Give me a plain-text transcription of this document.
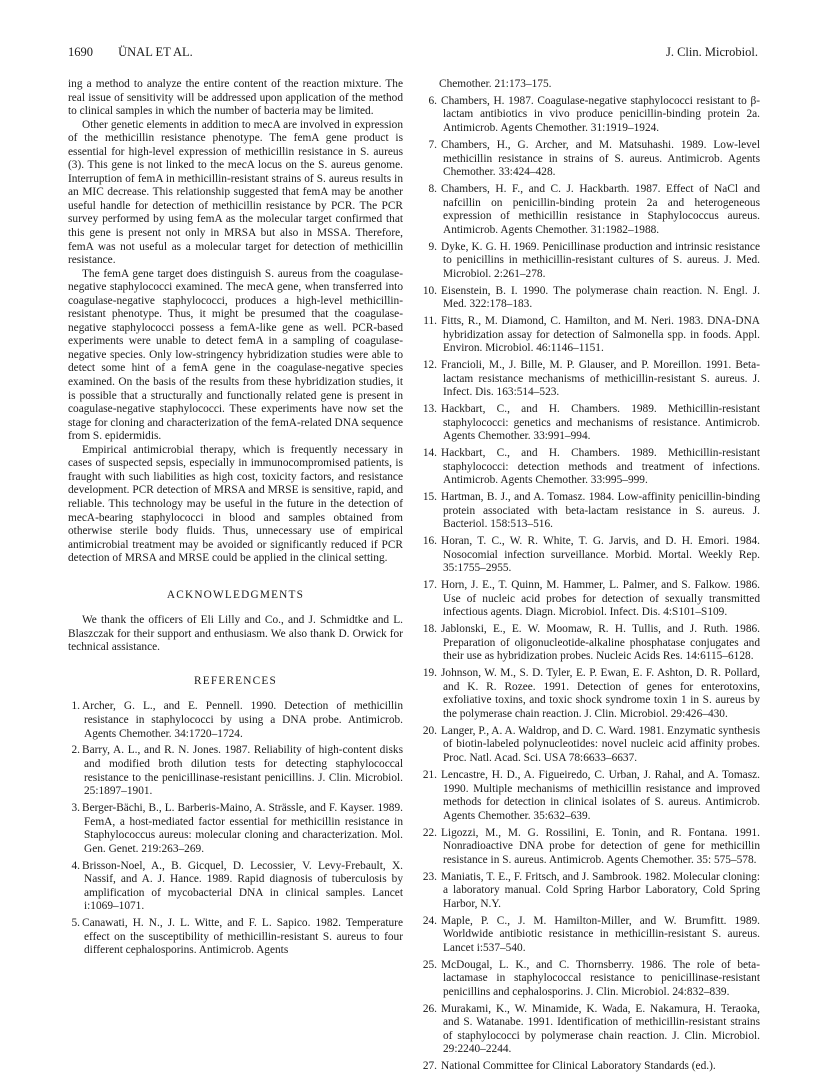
1690 ÜNAL ET AL.	J. Clin. Microbiol.

ing a method to analyze the entire content of the reaction mixture. The real issue of sensitivity will be addressed upon application of the method to clinical samples in which the number of bacteria may be limited.

Other genetic elements in addition to mecA are involved in expression of the methicillin resistance phenotype. The femA gene product is essential for high-level expression of methicillin resistance in S. aureus (3). This gene is not linked to the mecA locus on the S. aureus genome. Interruption of femA in methicillin-resistant strains of S. aureus results in an MIC decrease. This relationship suggested that femA may be another useful handle for detection of methicillin resistance by PCR. The PCR survey performed by using femA as the molecular target confirmed that this gene is present not only in MRSA but also in MSSA. Therefore, femA was not useful as a molecular target for detection of methicillin resistance.

The femA gene target does distinguish S. aureus from the coagulase-negative staphylococci examined. The mecA gene, when transferred into coagulase-negative staphylococci, produces a high-level methicillin-resistant phenotype. Thus, it might be presumed that the coagulase-negative staphylococci possess a femA-like gene as well. PCR-based experiments were unable to detect femA in a sampling of coagulase-negative species. Only low-stringency hybridization studies were able to detect some hint of a femA gene in the coagulase-negative species examined. On the basis of the results from these hybridization studies, it is possible that a structurally and functionally related gene is present in coagulase-negative staphylococci. These experiments have now set the stage for cloning and characterization of the femA-related DNA sequence from S. epidermidis.

Empirical antimicrobial therapy, which is frequently necessary in cases of suspected sepsis, especially in immunocompromised patients, is fraught with such liabilities as high cost, toxicity factors, and resistance development. PCR detection of MRSA and MRSE is sensitive, rapid, and reliable. This technology may be useful in the future in the detection of mecA-bearing staphylococci in blood and samples obtained from otherwise sterile body fluids. Thus, unnecessary use of empirical antimicrobial treatment may be avoided or significantly reduced if PCR detection of MRSA and MRSE could be applied in the clinical setting.

ACKNOWLEDGMENTS

We thank the officers of Eli Lilly and Co., and J. Schmidtke and L. Blaszczak for their support and enthusiasm. We also thank D. Orwick for technical assistance.

REFERENCES
1. Archer, G. L., and E. Pennell. 1990. Detection of methicillin resistance in staphylococci by using a DNA probe. Antimicrob. Agents Chemother. 34:1720–1724.
2. Barry, A. L., and R. N. Jones. 1987. Reliability of high-content disks and modified broth dilution tests for detecting staphylococcal resistance to the penicillinase-resistant penicillins. J. Clin. Microbiol. 25:1897–1901.
3. Berger-Bächi, B., L. Barberis-Maino, A. Strässle, and F. Kayser. 1989. FemA, a host-mediated factor essential for methicillin resistance in Staphylococcus aureus: molecular cloning and characterization. Mol. Gen. Genet. 219:263–269.
4. Brisson-Noel, A., B. Gicquel, D. Lecossier, V. Levy-Frebault, X. Nassif, and A. J. Hance. 1989. Rapid diagnosis of tuberculosis by amplification of mycobacterial DNA in clinical samples. Lancet i:1069–1071.
5. Canawati, H. N., J. L. Witte, and F. L. Sapico. 1982. Temperature effect on the susceptibility of methicillin-resistant S. aureus to four different cephalosporins. Antimicrob. Agents
Chemother. 21:173–175.
6. Chambers, H. 1987. Coagulase-negative staphylococci resistant to β-lactam antibiotics in vivo produce penicillin-binding protein 2a. Antimicrob. Agents Chemother. 31:1919–1924.
7. Chambers, H., G. Archer, and M. Matsuhashi. 1989. Low-level methicillin resistance in strains of S. aureus. Antimicrob. Agents Chemother. 33:424–428.
8. Chambers, H. F., and C. J. Hackbarth. 1987. Effect of NaCl and nafcillin on penicillin-binding protein 2a and heterogeneous expression of methicillin resistance in Staphylococcus aureus. Antimicrob. Agents Chemother. 31:1982–1988.
9. Dyke, K. G. H. 1969. Penicillinase production and intrinsic resistance to penicillins in methicillin-resistant cultures of S. aureus. J. Med. Microbiol. 2:261–278.
10. Eisenstein, B. I. 1990. The polymerase chain reaction. N. Engl. J. Med. 322:178–183.
11. Fitts, R., M. Diamond, C. Hamilton, and M. Neri. 1983. DNA-DNA hybridization assay for detection of Salmonella spp. in foods. Appl. Environ. Microbiol. 46:1146–1151.
12. Francioli, M., J. Bille, M. P. Glauser, and P. Moreillon. 1991. Beta-lactam resistance mechanisms of methicillin-resistant S. aureus. J. Infect. Dis. 163:514–523.
13. Hackbart, C., and H. Chambers. 1989. Methicillin-resistant staphylococci: genetics and mechanisms of resistance. Antimicrob. Agents Chemother. 33:991–994.
14. Hackbart, C., and H. Chambers. 1989. Methicillin-resistant staphylococci: detection methods and treatment of infections. Antimicrob. Agents Chemother. 33:995–999.
15. Hartman, B. J., and A. Tomasz. 1984. Low-affinity penicillin-binding protein associated with beta-lactam resistance in S. aureus. J. Bacteriol. 158:513–516.
16. Horan, T. C., W. R. White, T. G. Jarvis, and D. H. Emori. 1984. Nosocomial infection surveillance. Morbid. Mortal. Weekly Rep. 35:1755–2955.
17. Horn, J. E., T. Quinn, M. Hammer, L. Palmer, and S. Falkow. 1986. Use of nucleic acid probes for detection of sexually transmitted infectious agents. Diagn. Microbiol. Infect. Dis. 4:S101–S109.
18. Jablonski, E., E. W. Moomaw, R. H. Tullis, and J. Ruth. 1986. Preparation of oligonucleotide-alkaline phosphatase conjugates and their use as hybridization probes. Nucleic Acids Res. 14:6115–6128.
19. Johnson, W. M., S. D. Tyler, E. P. Ewan, E. F. Ashton, D. R. Pollard, and K. R. Rozee. 1991. Detection of genes for enterotoxins, exfoliative toxins, and toxic shock syndrome toxin 1 in S. aureus by the polymerase chain reaction. J. Clin. Microbiol. 29:426–430.
20. Langer, P., A. A. Waldrop, and D. C. Ward. 1981. Enzymatic synthesis of biotin-labeled polynucleotides: novel nucleic acid affinity probes. Proc. Natl. Acad. Sci. USA 78:6633–6637.
21. Lencastre, H. D., A. Figueiredo, C. Urban, J. Rahal, and A. Tomasz. 1990. Multiple mechanisms of methicillin resistance and improved methods for detection in clinical isolates of S. aureus. Antimicrob. Agents Chemother. 35:632–639.
22. Ligozzi, M., M. G. Rossilini, E. Tonin, and R. Fontana. 1991. Nonradioactive DNA probe for detection of gene for methicillin resistance in S. aureus. Antimicrob. Agents Chemother. 35: 575–578.
23. Maniatis, T. E., F. Fritsch, and J. Sambrook. 1982. Molecular cloning: a laboratory manual. Cold Spring Harbor Laboratory, Cold Spring Harbor, N.Y.
24. Maple, P. C., J. M. Hamilton-Miller, and W. Brumfitt. 1989. Worldwide antibiotic resistance in methicillin-resistant S. aureus. Lancet i:537–540.
25. McDougal, L. K., and C. Thornsberry. 1986. The role of beta-lactamase in staphylococcal resistance to penicillinase-resistant penicillins and cephalosporins. J. Clin. Microbiol. 24:832–839.
26. Murakami, K., W. Minamide, K. Wada, E. Nakamura, H. Teraoka, and S. Watanabe. 1991. Identification of methicillin-resistant strains of staphylococci by polymerase chain reaction. J. Clin. Microbiol. 29:2240–2244.
27. National Committee for Clinical Laboratory Standards (ed.).
